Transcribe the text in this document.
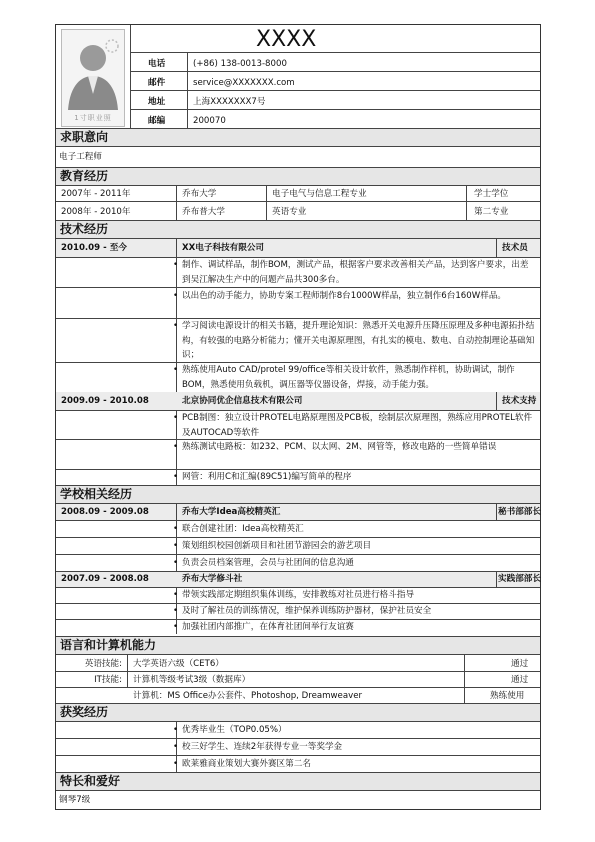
1寸职业照
XXXX
电话	(+86) 138-0013-8000
邮件	service@XXXXXXX.com
地址	上海XXXXXXX7号
邮编	200070
求职意向
电子工程师
教育经历
2007年 - 2011年	乔布大学	电子电气与信息工程专业	学士学位
2008年 - 2010年	乔布普大学	英语专业	第二专业
技术经历
2010.09 - 至今	XX电子科技有限公司	技术员
• 制作、调试样品，制作BOM，测试产品，根据客户要求改善相关产品，达到客户要求，出差到吴江解决生产中的问题产品共300多台。
• 以出色的动手能力，协助专案工程师制作8台1000W样品，独立制作6台160W样品。
• 学习阅读电源设计的相关书籍，提升理论知识：熟悉开关电源升压降压原理及多种电源拓扑结构，有较强的电路分析能力；懂开关电源原理图，有扎实的模电、数电、自动控制理论基础知识；
• 熟练使用Auto CAD/protel 99/office等相关设计软件，熟悉制作样机，协助调试，制作BOM，熟悉使用负载机，调压器等仪器设备，焊接，动手能力强。
2009.09 - 2010.08	北京协同优企信息技术有限公司	技术支持
• PCB制图：独立设计PROTEL电路原理图及PCB板，绘制层次原理图，熟练应用PROTEL软件及AUTOCAD等软件
• 熟练测试电路板：如232、PCM、以太网、2M、网管等，修改电路的一些简单错误
• 网管：利用C和汇编(89C51)编写简单的程序
学校相关经历
2008.09 - 2009.08	乔布大学Idea高校精英汇	秘书部部长
• 联合创建社团：Idea高校精英汇
• 策划组织校园创新项目和社团节游园会的游艺项目
• 负责会员档案管理，会员与社团间的信息沟通
2007.09 - 2008.08	乔布大学修斗社	实践部部长
• 带领实践部定期组织集体训练，安排教练对社员进行格斗指导
• 及时了解社员的训练情况，维护保养训练防护器材，保护社员安全
• 加强社团内部推广，在体育社团间举行友谊赛
语言和计算机能力
英语技能: 大学英语六级（CET6）	通过
IT技能: 计算机等级考试3级（数据库）	通过
计算机：MS Office办公套件、Photoshop, Dreamweaver	熟练使用
获奖经历
• 优秀毕业生（TOP0.05%）
• 校三好学生、连续2年获得专业一等奖学金
• 欧莱雅商业策划大赛外赛区第二名
特长和爱好
钢琴7级
